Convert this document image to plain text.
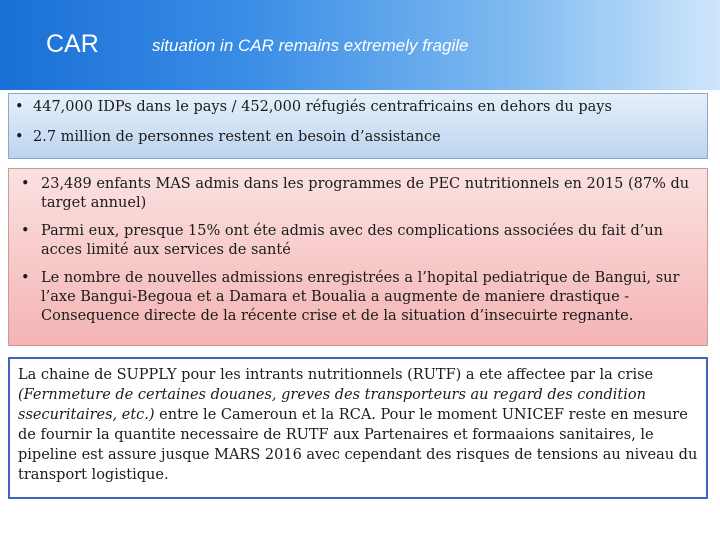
CAR	situation in CAR remains extremely fragile
• 447,000 IDPs dans le pays / 452,000 réfugiés centrafricains en dehors du pays
• 2.7 million de personnes restent en besoin d’assistance
• 23,489 enfants MAS admis dans les programmes de PEC nutritionnels en 2015 (87% du target annuel)
• Parmi eux, presque 15% ont éte admis avec des complications associées du fait d’un acces limité aux services de santé
• Le nombre de nouvelles admissions enregistrées a l’hopital pediatrique de Bangui, sur l’axe Bangui-Begoua et a Damara et Boualia a augmente de maniere drastique - Consequence directe de la récente crise et de la situation d’insecuirte regnante.

La chaine de SUPPLY pour les intrants nutritionnels (RUTF) a ete affectee par la crise (Fernmeture de certaines douanes, greves des transporteurs au regard des condition ssecuritaires, etc.) entre le Cameroun et la RCA. Pour le moment UNICEF reste en mesure de fournir la quantite necessaire de RUTF aux Partenaires et formaaions sanitaires, le pipeline est assure jusque MARS 2016 avec cependant des risques de tensions au niveau du transport logistique.
